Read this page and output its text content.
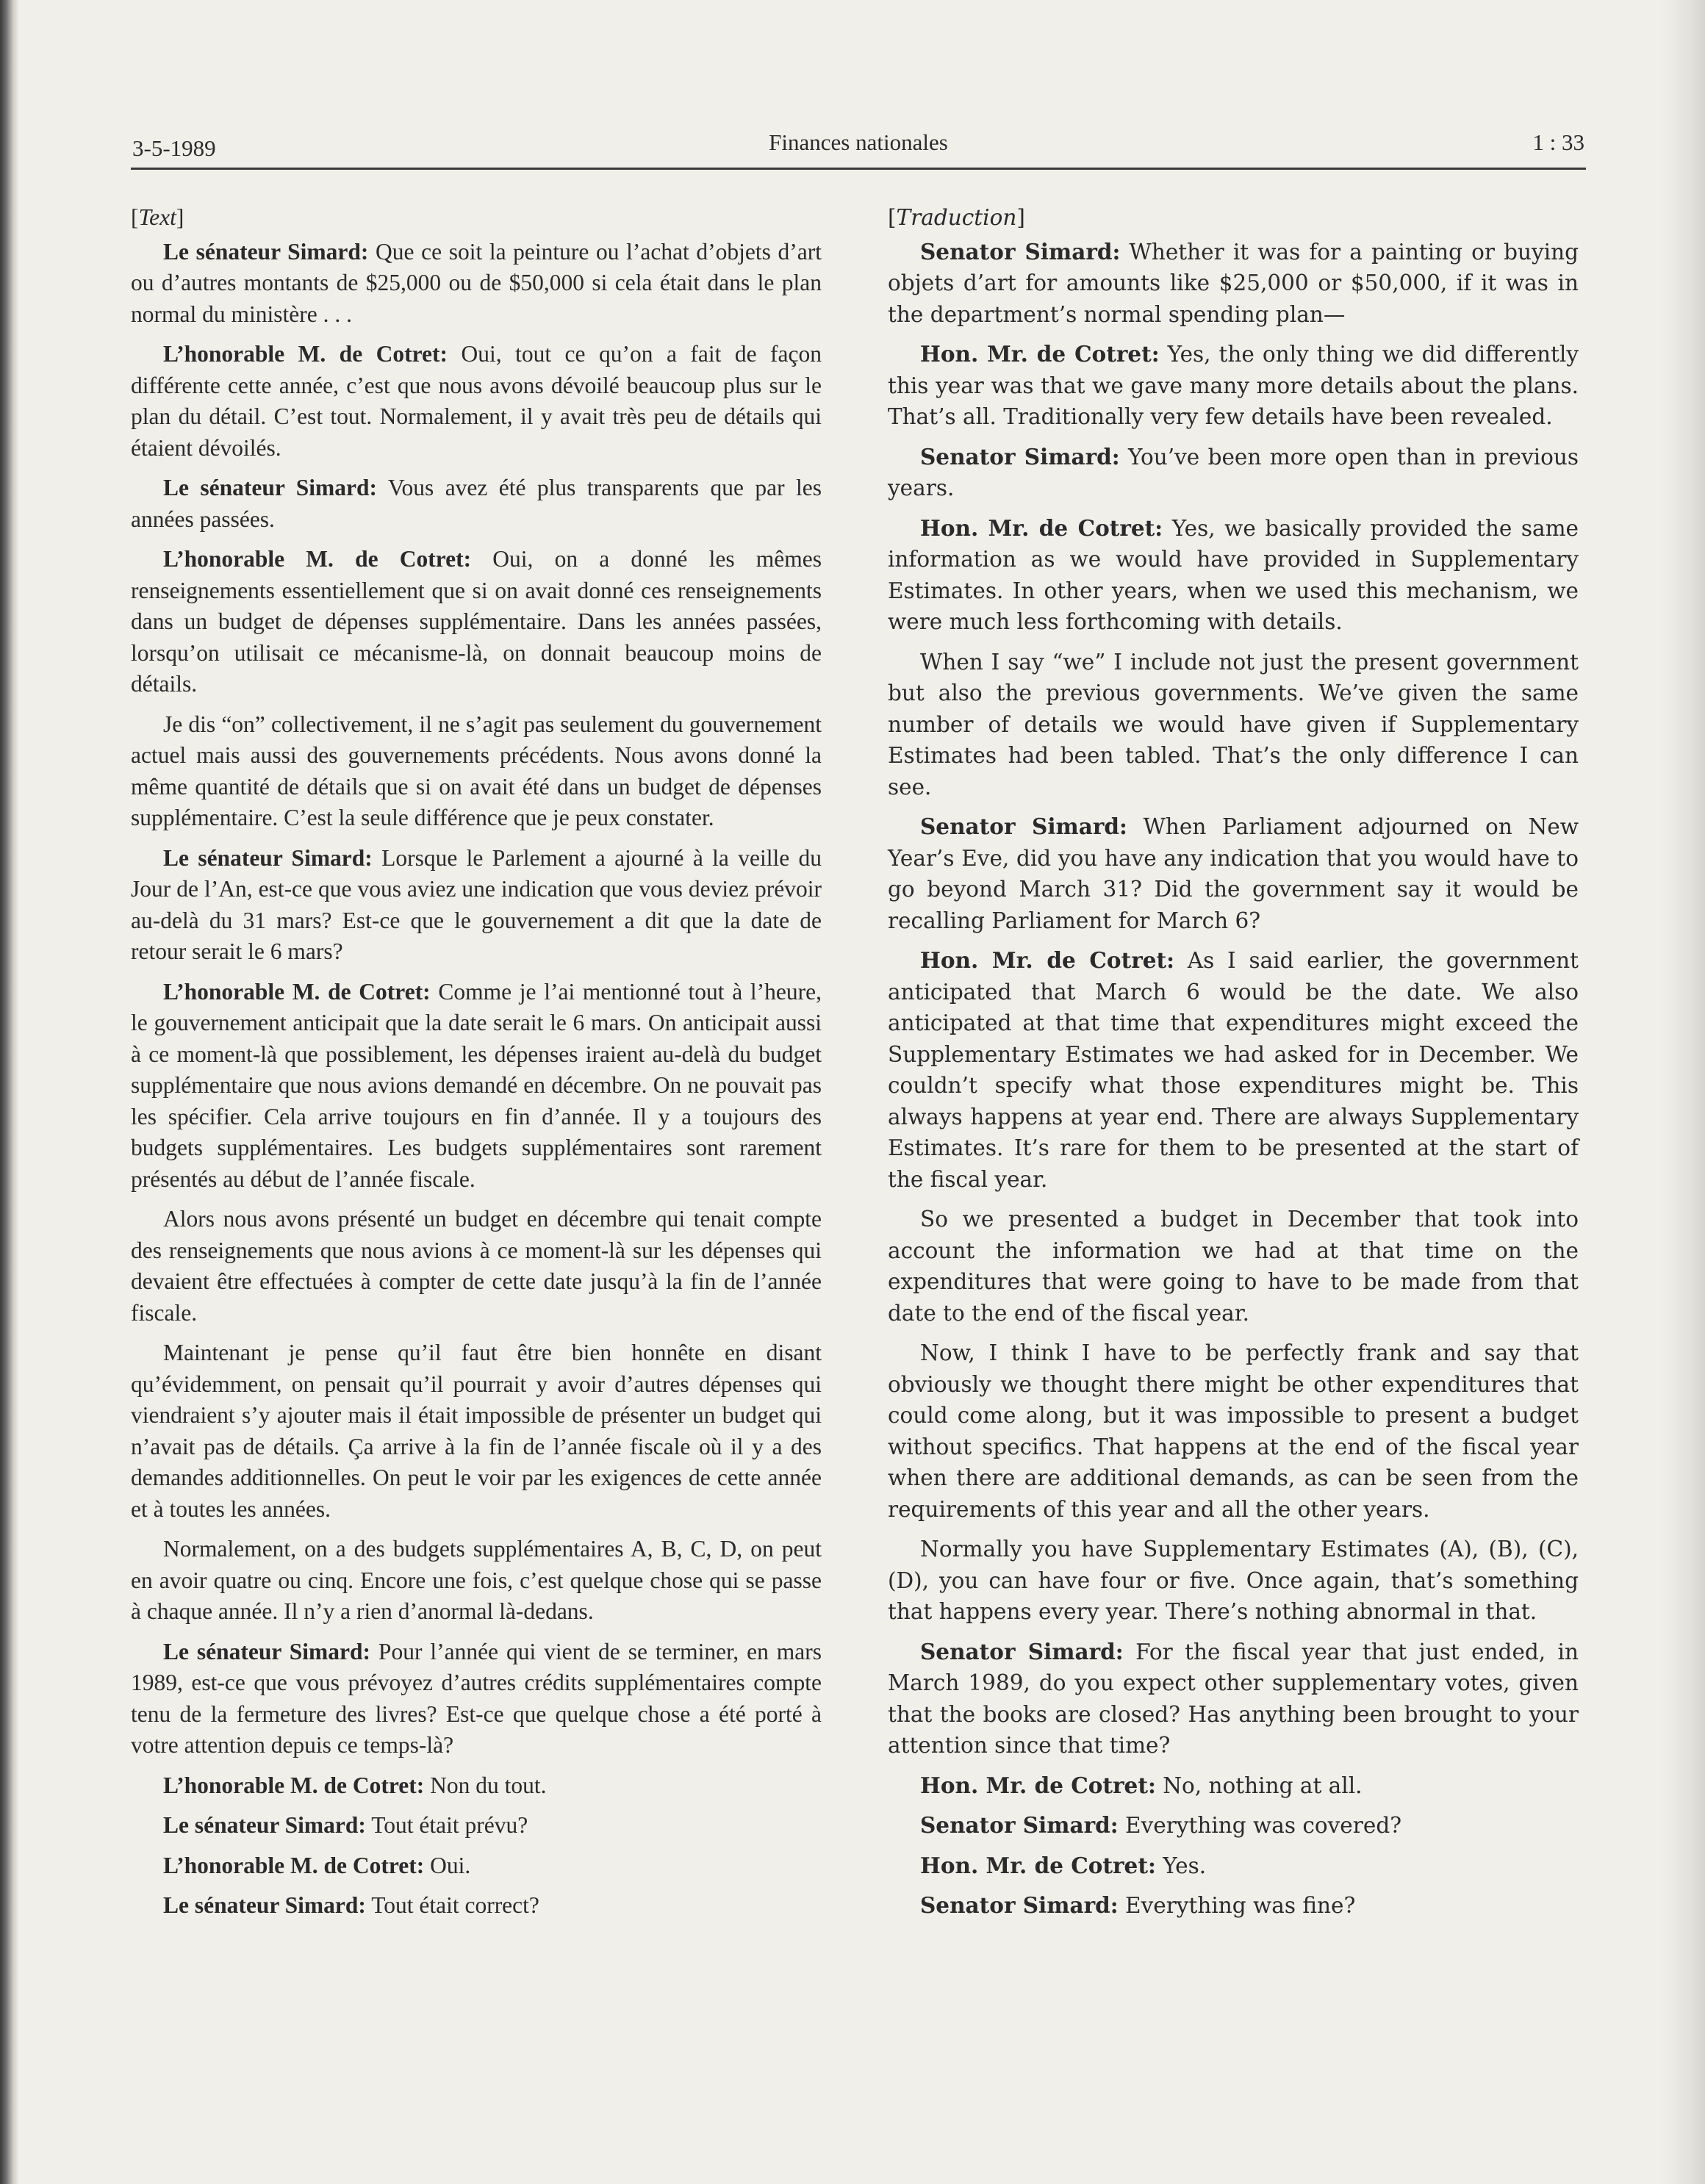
3-5-1989	Finances nationales	1 : 33

[Text]

Le sénateur Simard: Que ce soit la peinture ou l’achat d’objets d’art ou d’autres montants de $25,000 ou de $50,000 si cela était dans le plan normal du ministère . . .

L’honorable M. de Cotret: Oui, tout ce qu’on a fait de façon différente cette année, c’est que nous avons dévoilé beaucoup plus sur le plan du détail. C’est tout. Normalement, il y avait très peu de détails qui étaient dévoilés.

Le sénateur Simard: Vous avez été plus transparents que par les années passées.

L’honorable M. de Cotret: Oui, on a donné les mêmes renseignements essentiellement que si on avait donné ces renseignements dans un budget de dépenses supplémentaire. Dans les années passées, lorsqu’on utilisait ce mécanisme-là, on donnait beaucoup moins de détails.

Je dis “on” collectivement, il ne s’agit pas seulement du gouvernement actuel mais aussi des gouvernements précédents. Nous avons donné la même quantité de détails que si on avait été dans un budget de dépenses supplémentaire. C’est la seule différence que je peux constater.

Le sénateur Simard: Lorsque le Parlement a ajourné à la veille du Jour de l’An, est-ce que vous aviez une indication que vous deviez prévoir au-delà du 31 mars? Est-ce que le gouvernement a dit que la date de retour serait le 6 mars?

L’honorable M. de Cotret: Comme je l’ai mentionné tout à l’heure, le gouvernement anticipait que la date serait le 6 mars. On anticipait aussi à ce moment-là que possiblement, les dépenses iraient au-delà du budget supplémentaire que nous avions demandé en décembre. On ne pouvait pas les spécifier. Cela arrive toujours en fin d’année. Il y a toujours des budgets supplémentaires. Les budgets supplémentaires sont rarement présentés au début de l’année fiscale.

Alors nous avons présenté un budget en décembre qui tenait compte des renseignements que nous avions à ce moment-là sur les dépenses qui devaient être effectuées à compter de cette date jusqu’à la fin de l’année fiscale.

Maintenant je pense qu’il faut être bien honnête en disant qu’évidemment, on pensait qu’il pourrait y avoir d’autres dépenses qui viendraient s’y ajouter mais il était impossible de présenter un budget qui n’avait pas de détails. Ça arrive à la fin de l’année fiscale où il y a des demandes additionnelles. On peut le voir par les exigences de cette année et à toutes les années.

Normalement, on a des budgets supplémentaires A, B, C, D, on peut en avoir quatre ou cinq. Encore une fois, c’est quelque chose qui se passe à chaque année. Il n’y a rien d’anormal là-dedans.

Le sénateur Simard: Pour l’année qui vient de se terminer, en mars 1989, est-ce que vous prévoyez d’autres crédits supplémentaires compte tenu de la fermeture des livres? Est-ce que quelque chose a été porté à votre attention depuis ce temps-là?

L’honorable M. de Cotret: Non du tout.

Le sénateur Simard: Tout était prévu?

L’honorable M. de Cotret: Oui.

Le sénateur Simard: Tout était correct?

[Traduction]

Senator Simard: Whether it was for a painting or buying objets d’art for amounts like $25,000 or $50,000, if it was in the department’s normal spending plan—

Hon. Mr. de Cotret: Yes, the only thing we did differently this year was that we gave many more details about the plans. That’s all. Traditionally very few details have been revealed.

Senator Simard: You’ve been more open than in previous years.

Hon. Mr. de Cotret: Yes, we basically provided the same information as we would have provided in Supplementary Estimates. In other years, when we used this mechanism, we were much less forthcoming with details.

When I say “we” I include not just the present government but also the previous governments. We’ve given the same number of details we would have given if Supplementary Estimates had been tabled. That’s the only difference I can see.

Senator Simard: When Parliament adjourned on New Year’s Eve, did you have any indication that you would have to go beyond March 31? Did the government say it would be recalling Parliament for March 6?

Hon. Mr. de Cotret: As I said earlier, the government anticipated that March 6 would be the date. We also anticipated at that time that expenditures might exceed the Supplementary Estimates we had asked for in December. We couldn’t specify what those expenditures might be. This always happens at year end. There are always Supplementary Estimates. It’s rare for them to be presented at the start of the fiscal year.

So we presented a budget in December that took into account the information we had at that time on the expenditures that were going to have to be made from that date to the end of the fiscal year.

Now, I think I have to be perfectly frank and say that obviously we thought there might be other expenditures that could come along, but it was impossible to present a budget without specifics. That happens at the end of the fiscal year when there are additional demands, as can be seen from the requirements of this year and all the other years.

Normally you have Supplementary Estimates (A), (B), (C), (D), you can have four or five. Once again, that’s something that happens every year. There’s nothing abnormal in that.

Senator Simard: For the fiscal year that just ended, in March 1989, do you expect other supplementary votes, given that the books are closed? Has anything been brought to your attention since that time?

Hon. Mr. de Cotret: No, nothing at all.

Senator Simard: Everything was covered?

Hon. Mr. de Cotret: Yes.

Senator Simard: Everything was fine?
